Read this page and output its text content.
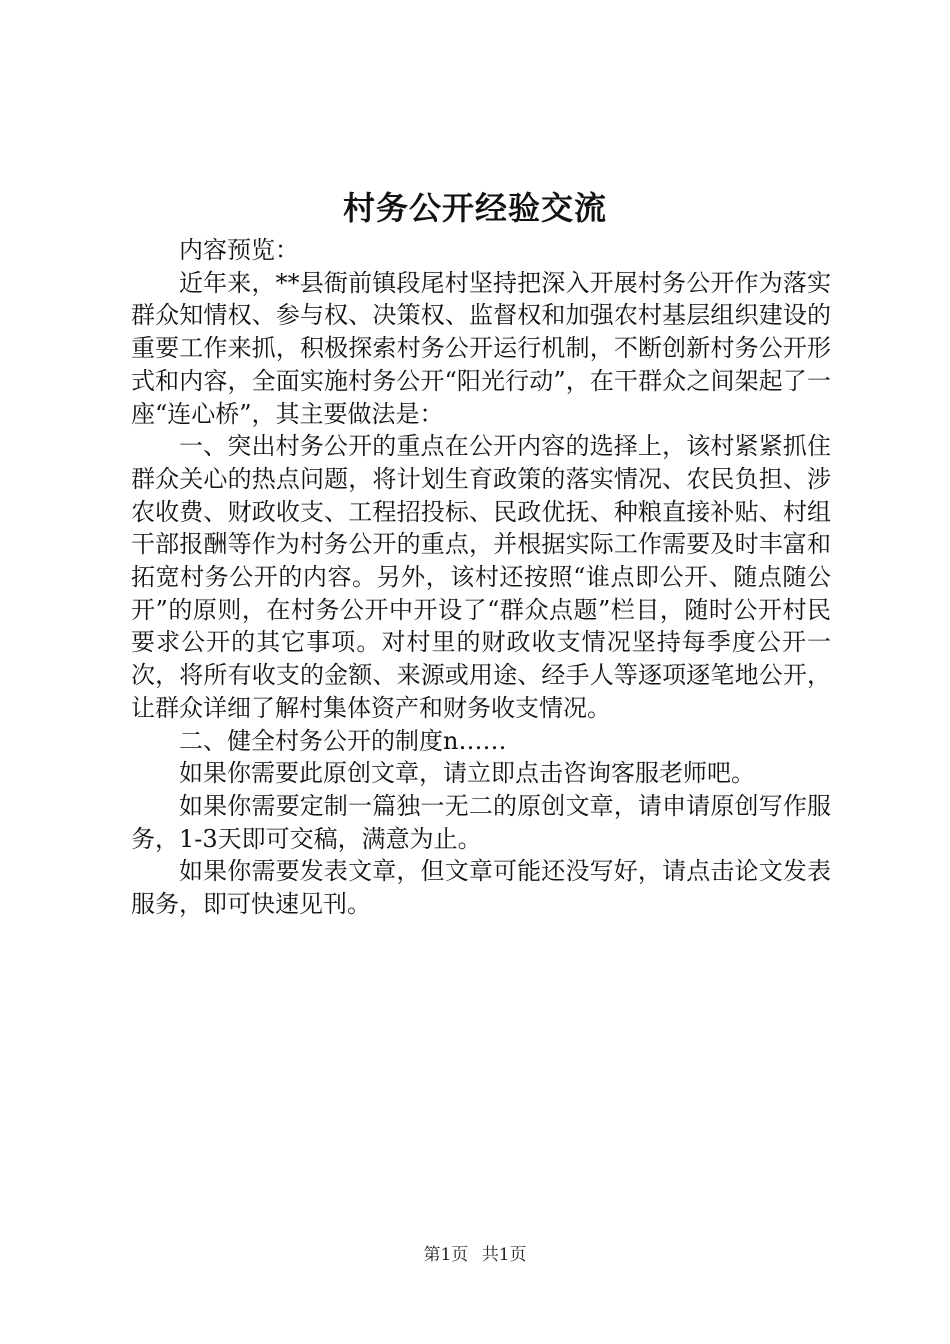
村务公开经验交流

内容预览：

近年来，**县衙前镇段尾村坚持把深入开展村务公开作为落实群众知情权、参与权、决策权、监督权和加强农村基层组织建设的重要工作来抓，积极探索村务公开运行机制，不断创新村务公开形式和内容，全面实施村务公开“阳光行动”，在干群众之间架起了一座“连心桥”，其主要做法是：

一、突出村务公开的重点在公开内容的选择上，该村紧紧抓住群众关心的热点问题，将计划生育政策的落实情况、农民负担、涉农收费、财政收支、工程招投标、民政优抚、种粮直接补贴、村组干部报酬等作为村务公开的重点，并根据实际工作需要及时丰富和拓宽村务公开的内容。另外，该村还按照“谁点即公开、随点随公开”的原则，在村务公开中开设了“群众点题”栏目，随时公开村民要求公开的其它事项。对村里的财政收支情况坚持每季度公开一次，将所有收支的金额、来源或用途、经手人等逐项逐笔地公开，让群众详细了解村集体资产和财务收支情况。

二、健全村务公开的制度n……

如果你需要此原创文章，请立即点击咨询客服老师吧。

如果你需要定制一篇独一无二的原创文章，请申请原创写作服务，1-3天即可交稿，满意为止。

如果你需要发表文章，但文章可能还没写好，请点击论文发表服务，即可快速见刊。

第1页 共1页
